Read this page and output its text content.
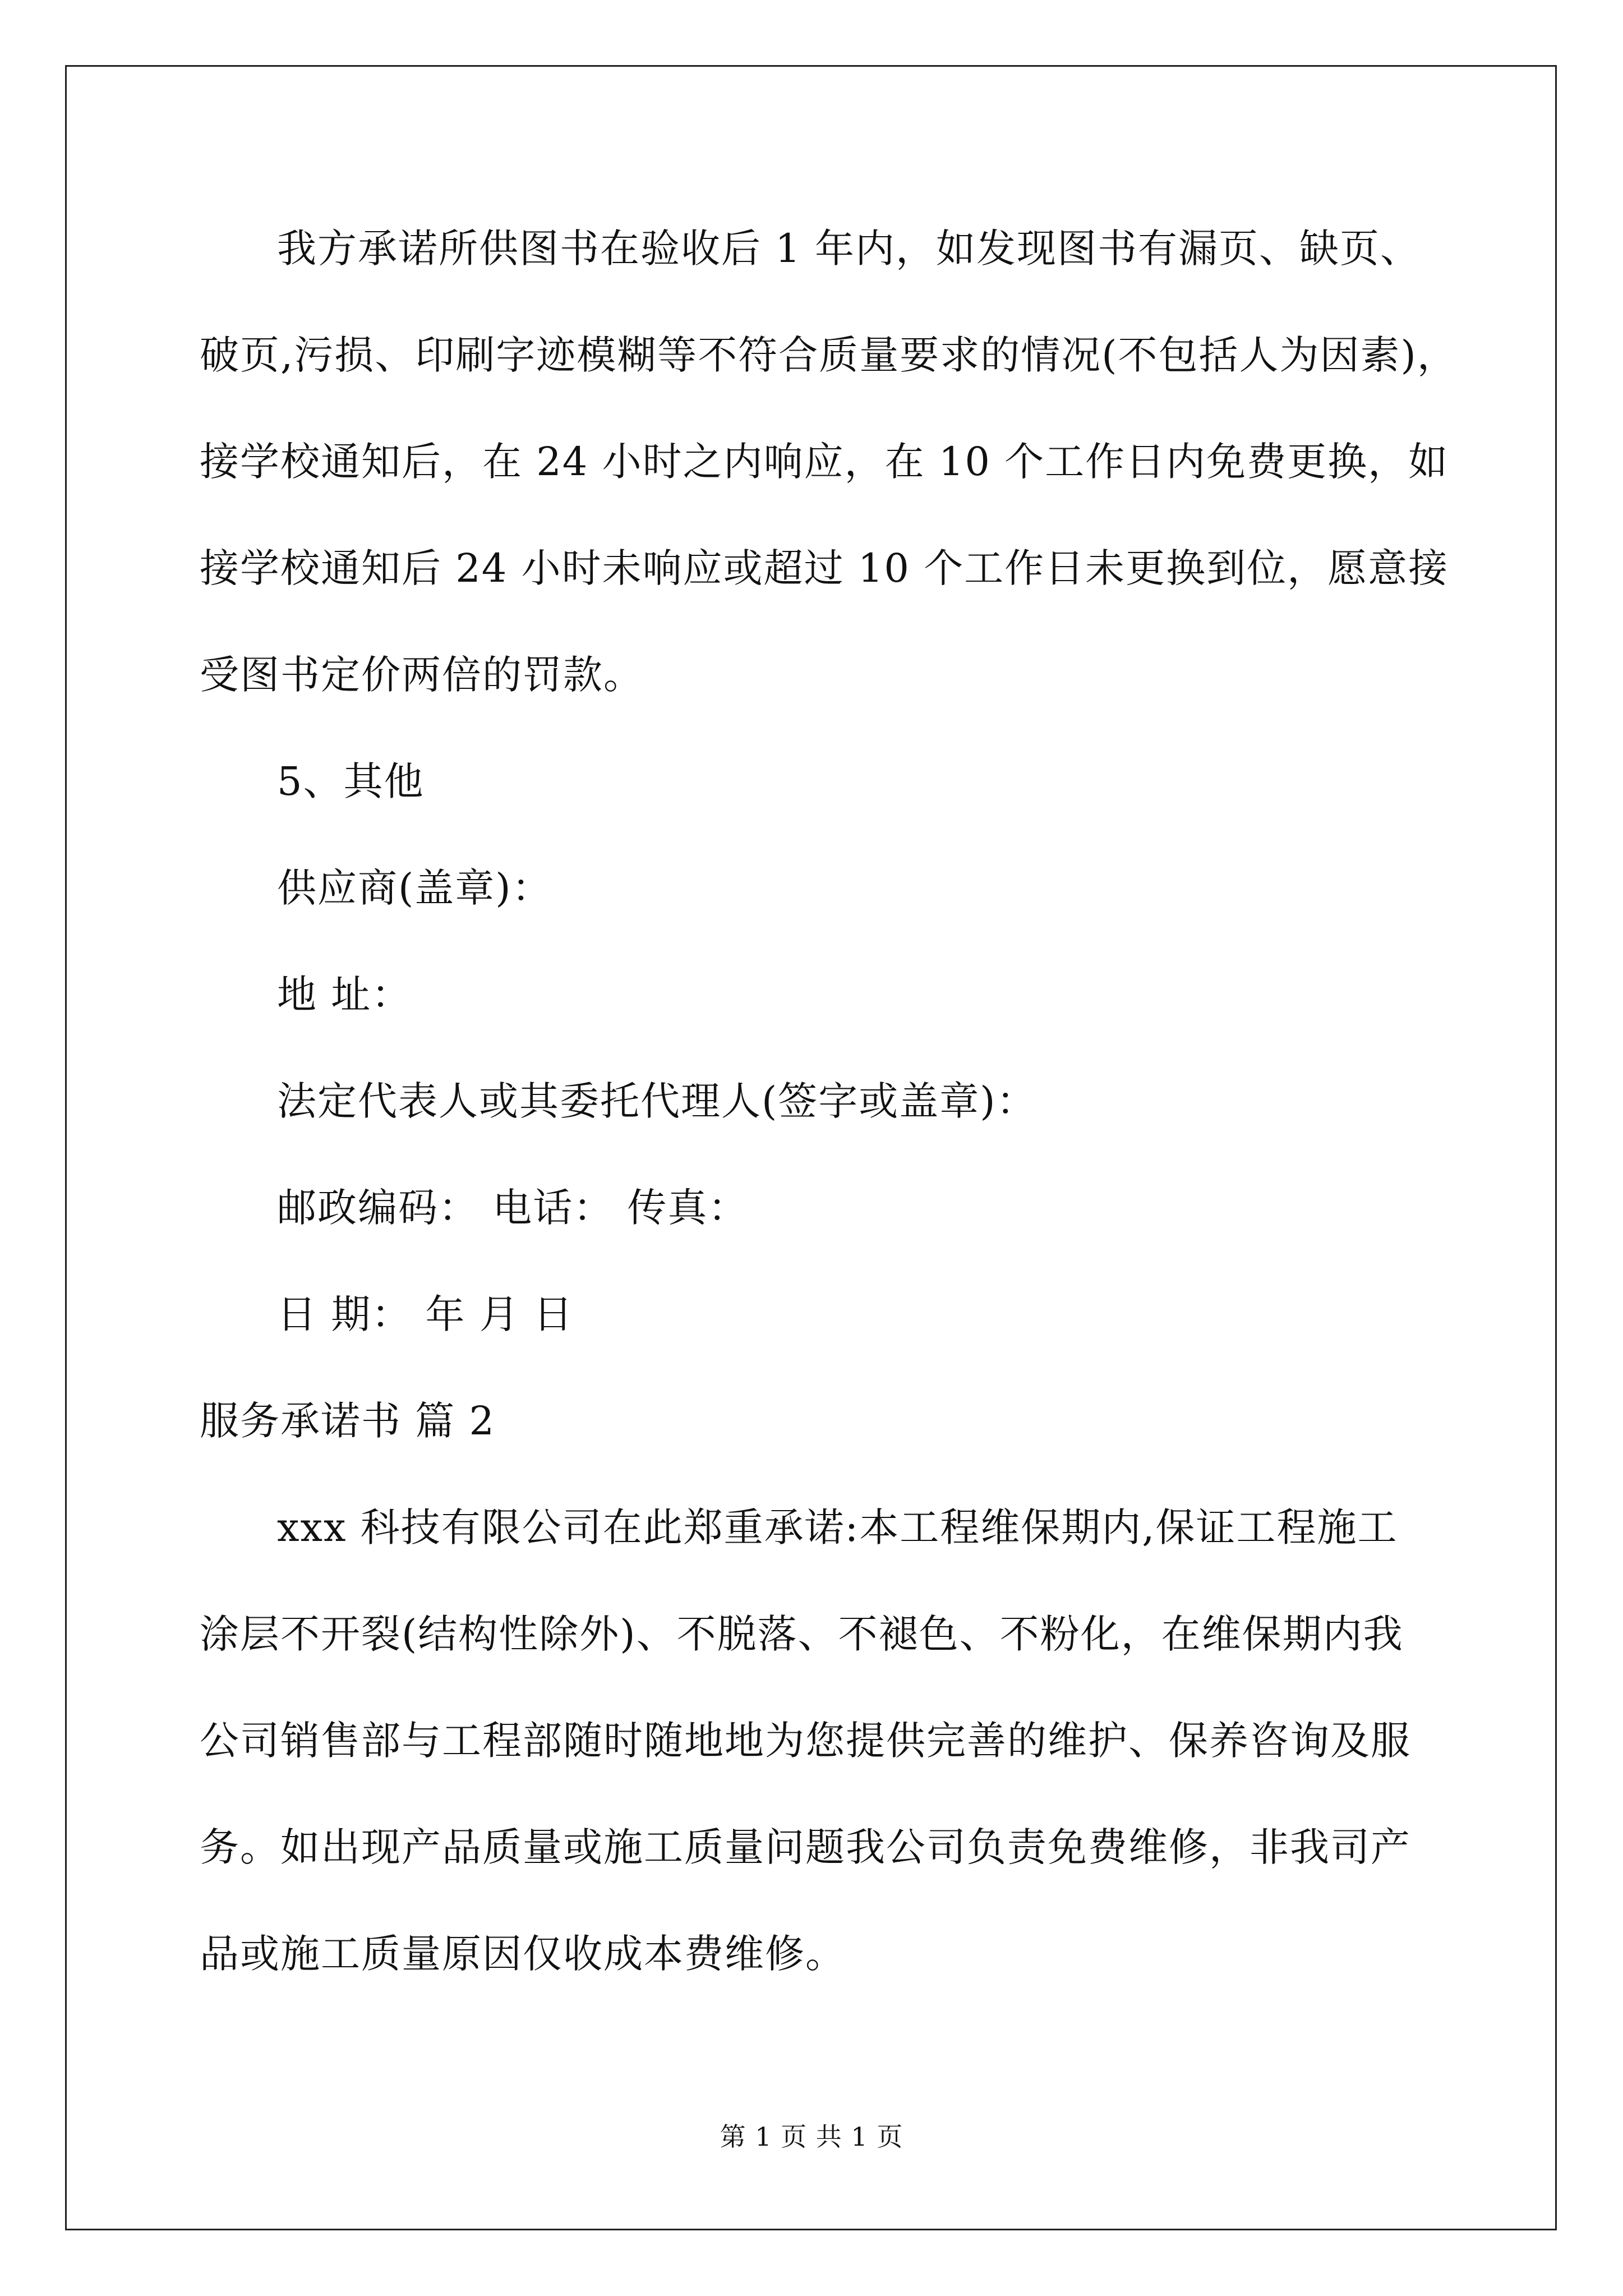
我方承诺所供图书在验收后 1 年内，如发现图书有漏页、缺页、
破页,污损、印刷字迹模糊等不符合质量要求的情况(不包括人为因素)，
接学校通知后，在 24 小时之内响应，在 10 个工作日内免费更换，如
接学校通知后 24 小时未响应或超过 10 个工作日未更换到位，愿意接
受图书定价两倍的罚款。
5、其他
供应商(盖章)：
地 址：
法定代表人或其委托代理人(签字或盖章)：
邮政编码： 电话： 传真：
日 期： 年 月 日
服务承诺书 篇 2
xxx 科技有限公司在此郑重承诺:本工程维保期内,保证工程施工
涂层不开裂(结构性除外)、不脱落、不褪色、不粉化，在维保期内我
公司销售部与工程部随时随地地为您提供完善的维护、保养咨询及服
务。如出现产品质量或施工质量问题我公司负责免费维修，非我司产
品或施工质量原因仅收成本费维修。
第 1 页 共 1 页
